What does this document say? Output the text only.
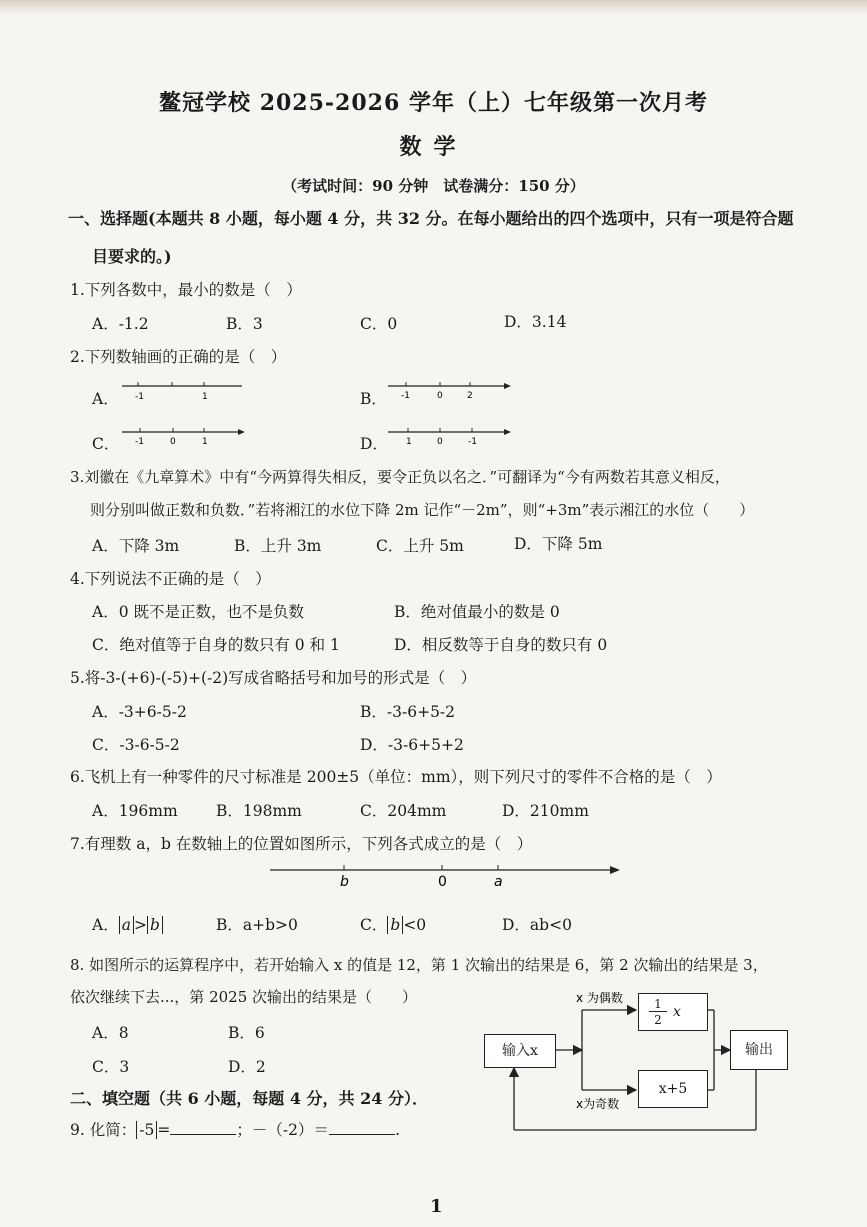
鳌冠学校 2025-2026 学年（上）七年级第一次月考
数学
（考试时间：90 分钟　试卷满分：150 分）
一、选择题(本题共 8 小题，每小题 4 分，共 32 分。在每小题给出的四个选项中，只有一项是符合题
目要求的。)
1.下列各数中，最小的数是（　）
A．-1.2	B．3	C．0	D．3.14
2.下列数轴画的正确的是（　）
A． -1	1	B． -1	0	2
C． -1	0	1	D． 1	0	-1
3.刘徽在《九章算术》中有“今两算得失相反，要令正负以名之．”可翻译为“今有两数若其意义相反，
则分别叫做正数和负数．”若将湘江的水位下降 2m 记作“－2m”，则“+3m”表示湘江的水位（　　）
A．下降 3m	B．上升 3m	C．上升 5m	D．下降 5m
4.下列说法不正确的是（　）
A．0 既不是正数，也不是负数	B．绝对值最小的数是 0
C．绝对值等于自身的数只有 0 和 1	D．相反数等于自身的数只有 0
5.将-3-(+6)-(-5)+(-2)写成省略括号和加号的形式是（　）
A．-3+6-5-2	B．-3-6+5-2
C．-3-6-5-2	D．-3-6+5+2
6.飞机上有一种零件的尺寸标准是 200±5（单位：mm），则下列尺寸的零件不合格的是（　）
A．196mm B．198mm	C．204mm	D．210mm
7.有理数 a，b 在数轴上的位置如图所示，下列各式成立的是（　）
b	0	a
A． a > b	B．a+b>0	C． b <0	D．ab<0
8. 如图所示的运算程序中，若开始输入 x 的值是 12，第 1 次输出的结果是 6，第 2 次输出的结果是 3，
依次继续下去...，第 2025 次输出的结果是（　　）
A．8	B．6
C．3	D．2
x 为偶数
x为奇数
输入x
1
2 x
x+5
输出
二、填空题（共 6 小题，每题 4 分，共 24 分）．
9. 化简： -5 =	；－（-2）＝	.
1
